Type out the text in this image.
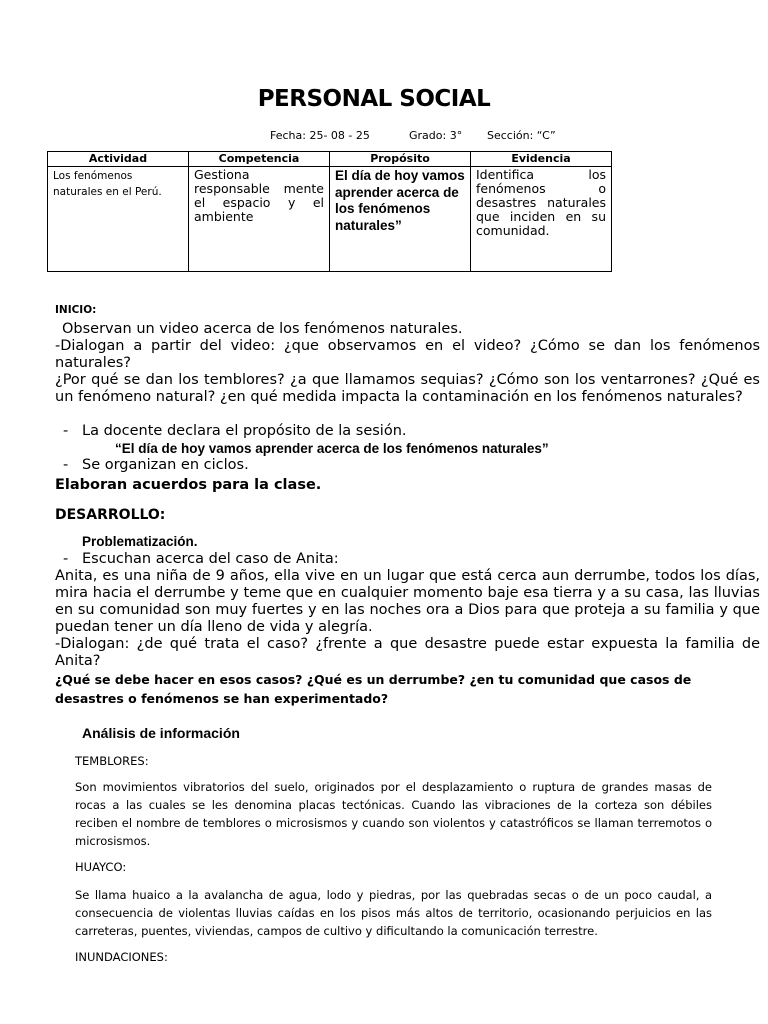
PERSONAL SOCIAL
Fecha: 25- 08 - 25	Grado: 3° Sección: “C”
Actividad	Competencia	Propósito	Evidencia
Los fenómenos naturales en el Perú.	Gestiona responsable mente el espacio y el ambiente	El día de hoy vamos aprender acerca de los fenómenos naturales”	Identifica los fenómenos o desastres naturales que inciden en su comunidad.
INICIO:
Observan un video acerca de los fenómenos naturales.
-Dialogan a partir del video: ¿que observamos en el video? ¿Cómo se dan los fenómenos naturales?
¿Por qué se dan los temblores? ¿a que llamamos sequias? ¿Cómo son los ventarrones? ¿Qué es un fenómeno natural? ¿en qué medida impacta la contaminación en los fenómenos naturales?
- La docente declara el propósito de la sesión.
“El día de hoy vamos aprender acerca de los fenómenos naturales”
- Se organizan en ciclos.
Elaboran acuerdos para la clase.
DESARROLLO:
Problematización.
- Escuchan acerca del caso de Anita:
Anita, es una niña de 9 años, ella vive en un lugar que está cerca aun derrumbe, todos los días, mira hacia el derrumbe y teme que en cualquier momento baje esa tierra y a su casa, las lluvias en su comunidad son muy fuertes y en las noches ora a Dios para que proteja a su familia y que puedan tener un día lleno de vida y alegría.
-Dialogan: ¿de qué trata el caso? ¿frente a que desastre puede estar expuesta la familia de Anita?
¿Qué se debe hacer en esos casos? ¿Qué es un derrumbe? ¿en tu comunidad que casos de desastres o fenómenos se han experimentado?
Análisis de información
TEMBLORES:
Son movimientos vibratorios del suelo, originados por el desplazamiento o ruptura de grandes masas de rocas a las cuales se les denomina placas tectónicas. Cuando las vibraciones de la corteza son débiles reciben el nombre de temblores o microsismos y cuando son violentos y catastróficos se llaman terremotos o microsismos.
HUAYCO:
Se llama huaico a la avalancha de agua, lodo y piedras, por las quebradas secas o de un poco caudal, a consecuencia de violentas lluvias caídas en los pisos más altos de territorio, ocasionando perjuicios en las carreteras, puentes, viviendas, campos de cultivo y dificultando la comunicación terrestre.
INUNDACIONES:
